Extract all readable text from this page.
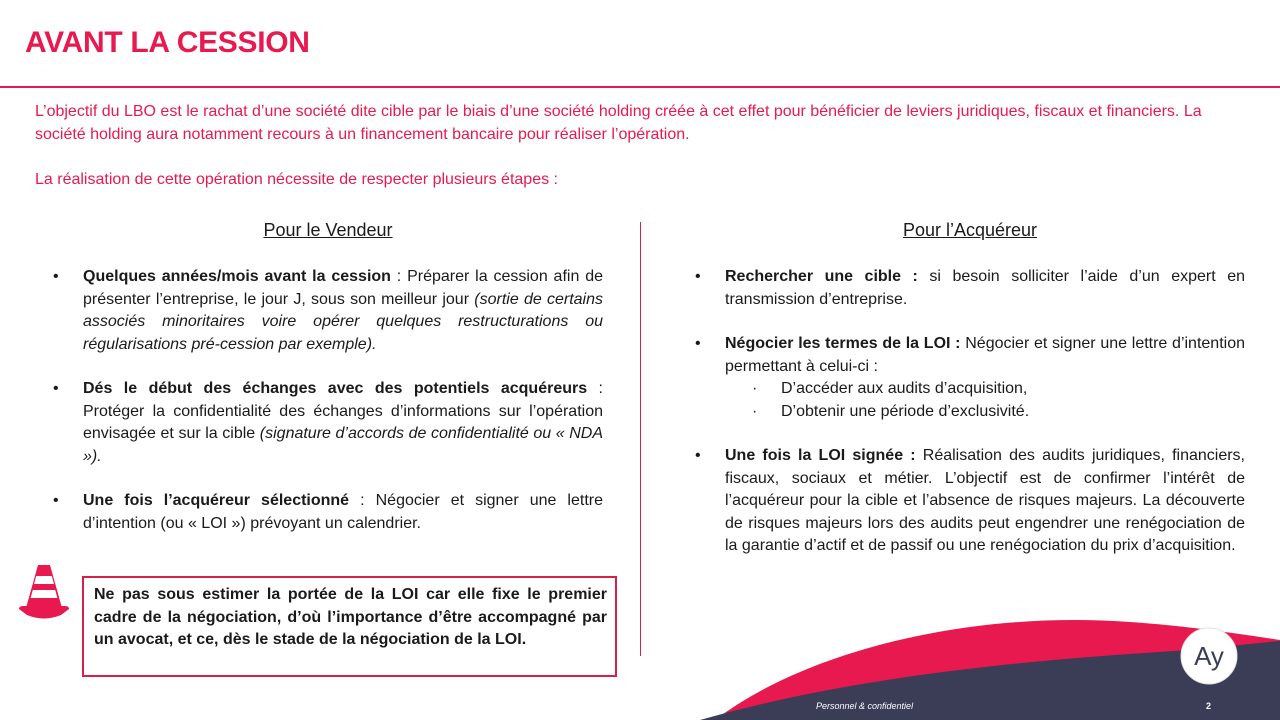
AVANT LA CESSION

L’objectif du LBO est le rachat d’une société dite cible par le biais d’une société holding créée à cet effet pour bénéficier de leviers juridiques, fiscaux et financiers. La société holding aura notamment recours à un financement bancaire pour réaliser l’opération.

La réalisation de cette opération nécessite de respecter plusieurs étapes :

Pour le Vendeur	Pour l’Acquéreur
• Quelques années/mois avant la cession : Préparer la cession afin de présenter l’entreprise, le jour J, sous son meilleur jour (sortie de certains associés minoritaires voire opérer quelques restructurations ou régularisations pré-cession par exemple).
• Dés le début des échanges avec des potentiels acquéreurs : Protéger la confidentialité des échanges d’informations sur l’opération envisagée et sur la cible (signature d’accords de confidentialité ou « NDA »).
• Une fois l’acquéreur sélectionné : Négocier et signer une lettre d’intention (ou « LOI ») prévoyant un calendrier.
• Rechercher une cible : si besoin solliciter l’aide d’un expert en transmission d’entreprise.
• Négocier les termes de la LOI : Négocier et signer une lettre d’intention permettant à celui-ci :
· D’accéder aux audits d’acquisition,
· D’obtenir une période d’exclusivité.
• Une fois la LOI signée : Réalisation des audits juridiques, financiers, fiscaux, sociaux et métier. L’objectif est de confirmer l’intérêt de l’acquéreur pour la cible et l’absence de risques majeurs. La découverte de risques majeurs lors des audits peut engendrer une renégociation de la garantie d’actif et de passif ou une renégociation du prix d’acquisition.
Ne pas sous estimer la portée de la LOI car elle fixe le premier cadre de la négociation, d’où l’importance d’être accompagné par un avocat, et ce, dès le stade de la négociation de la LOI.
Personnel & confidentiel	2
Ay
